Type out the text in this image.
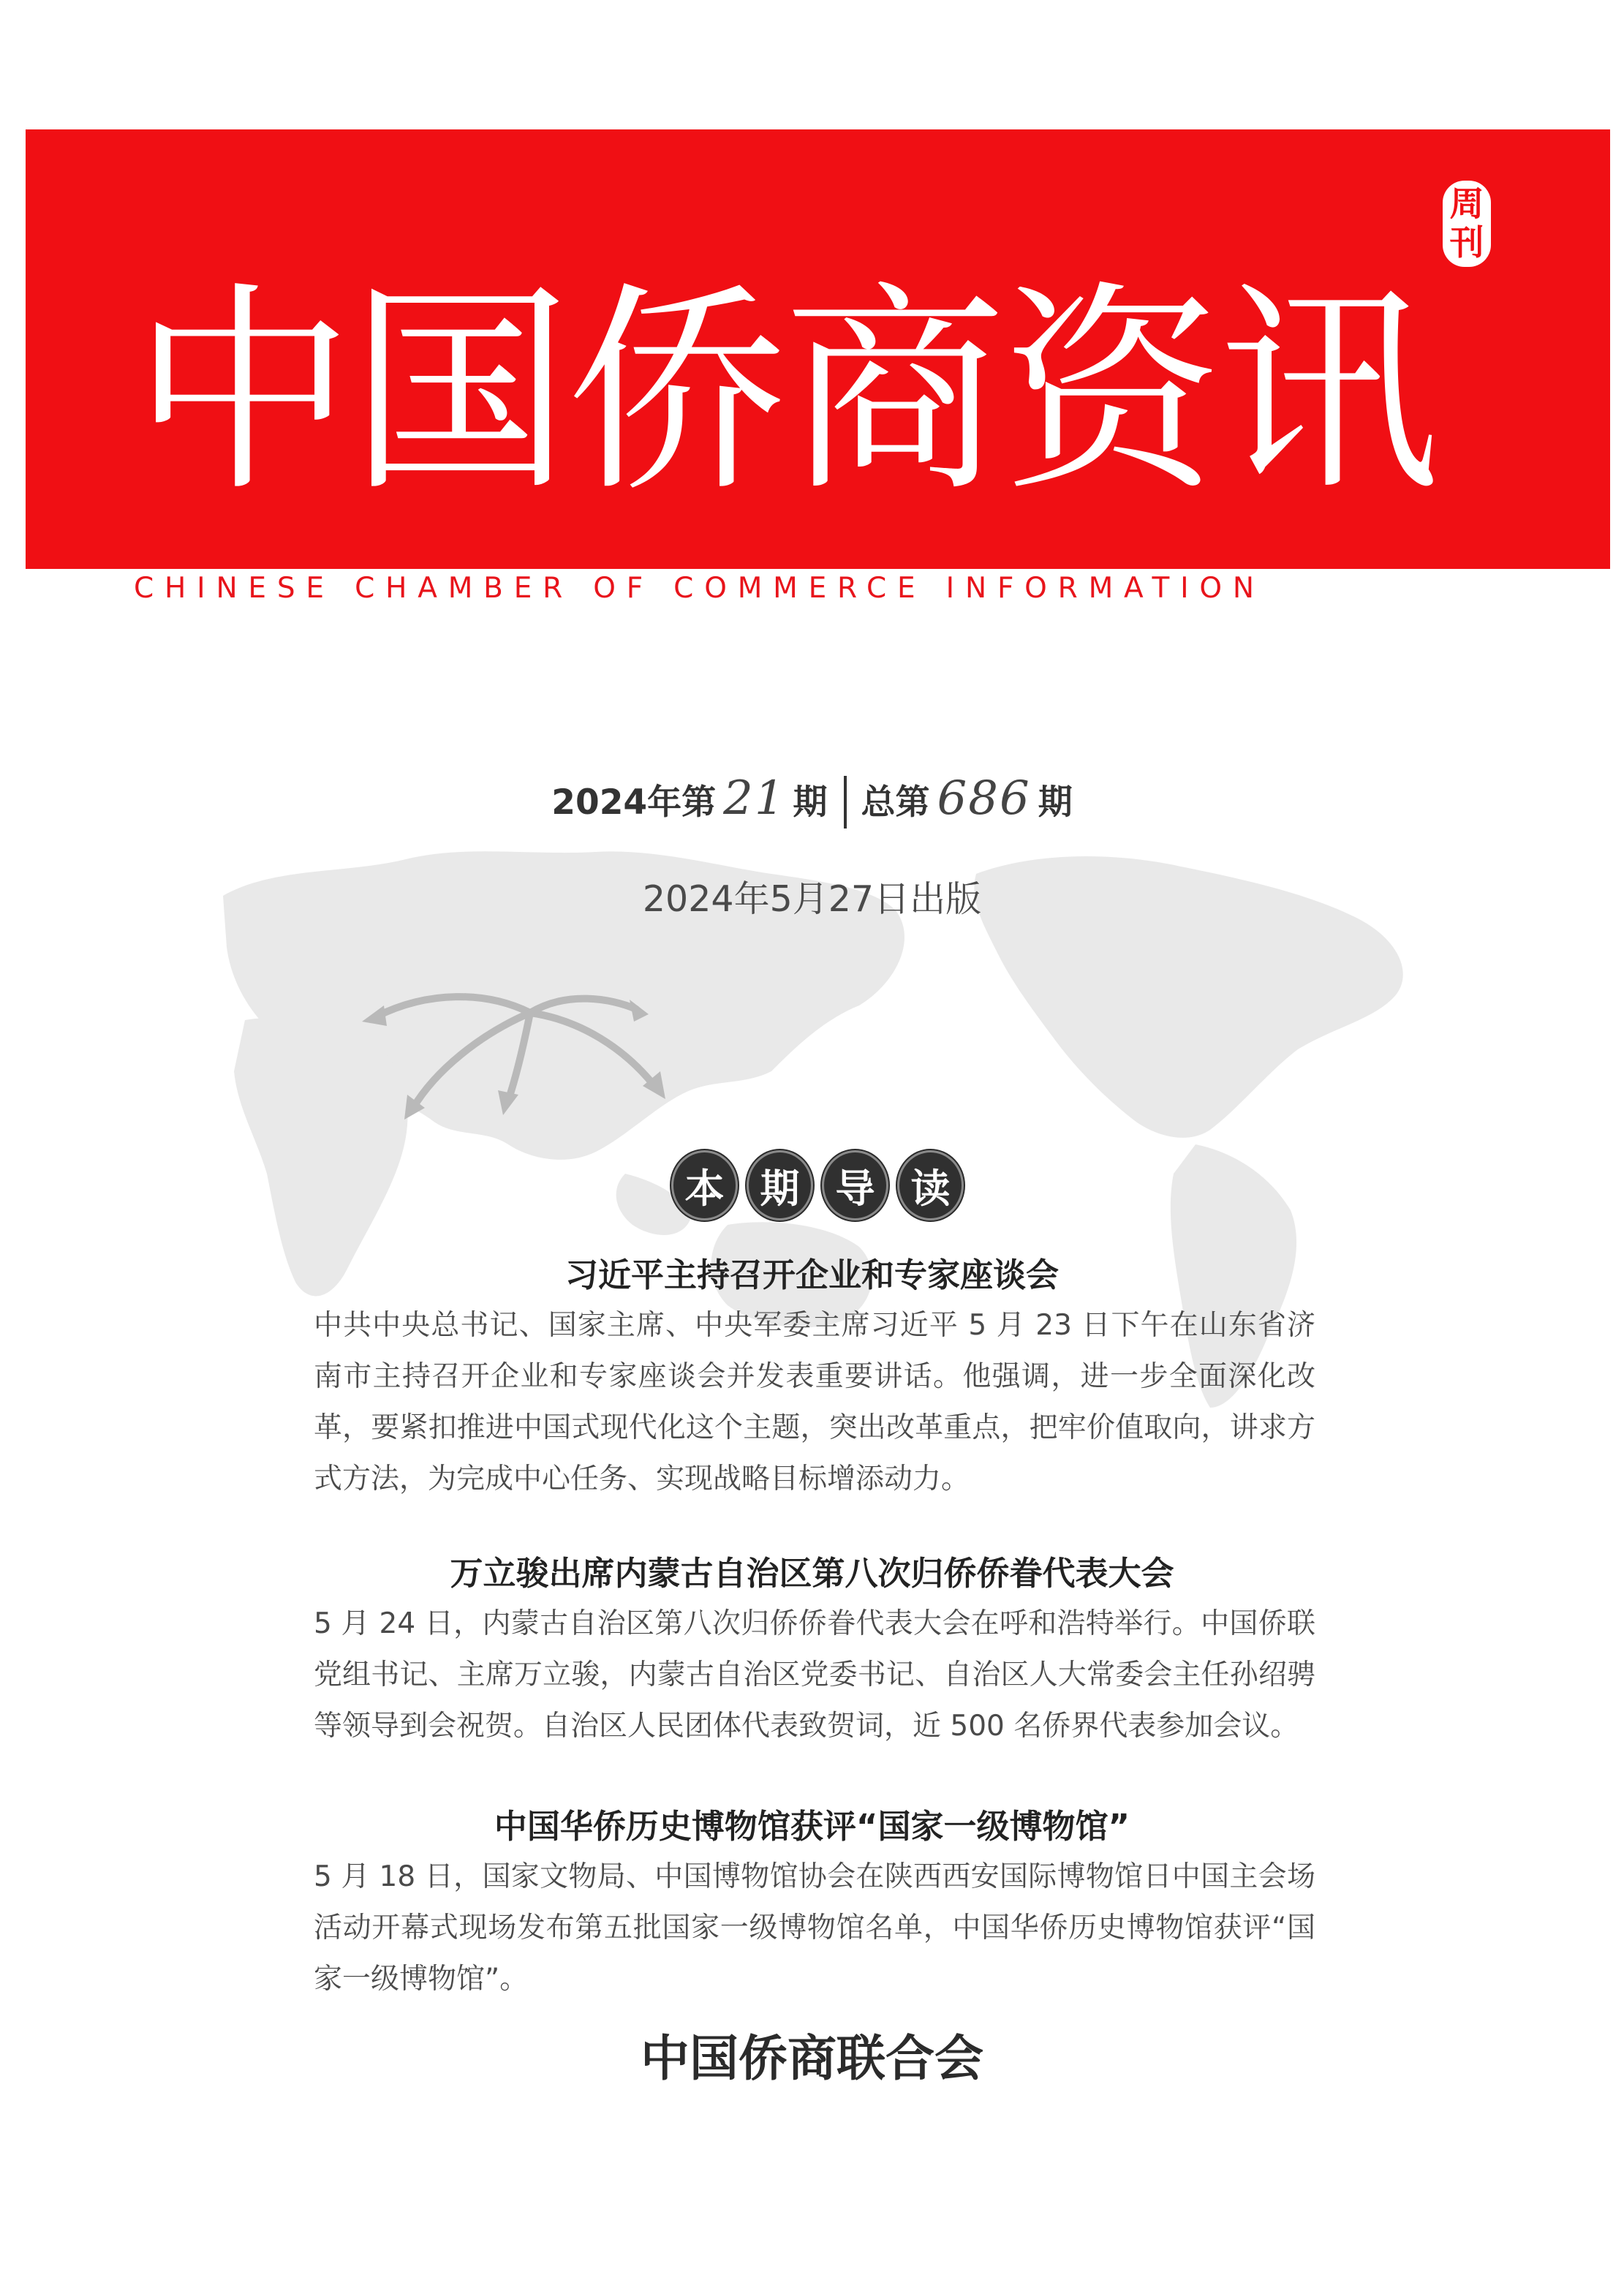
中国侨商资讯
周
刊
CHINESE CHAMBER OF COMMERCE INFORMATION
2024年第 21 期 总第 686 期
2024年5月27日出版
本 期 导 读
习近平主持召开企业和专家座谈会
中共中央总书记、国家主席、中央军委主席习近平 5 月 23 日下午在山东省济南市主持召开企业和专家座谈会并发表重要讲话。他强调，进一步全面深化改革，要紧扣推进中国式现代化这个主题，突出改革重点，把牢价值取向，讲求方式方法，为完成中心任务、实现战略目标增添动力。
万立骏出席内蒙古自治区第八次归侨侨眷代表大会
5 月 24 日，内蒙古自治区第八次归侨侨眷代表大会在呼和浩特举行。中国侨联党组书记、主席万立骏，内蒙古自治区党委书记、自治区人大常委会主任孙绍骋等领导到会祝贺。自治区人民团体代表致贺词，近 500 名侨界代表参加会议。
中国华侨历史博物馆获评“国家一级博物馆”
5 月 18 日，国家文物局、中国博物馆协会在陕西西安国际博物馆日中国主会场活动开幕式现场发布第五批国家一级博物馆名单，中国华侨历史博物馆获评“国家一级博物馆”。
中国侨商联合会
